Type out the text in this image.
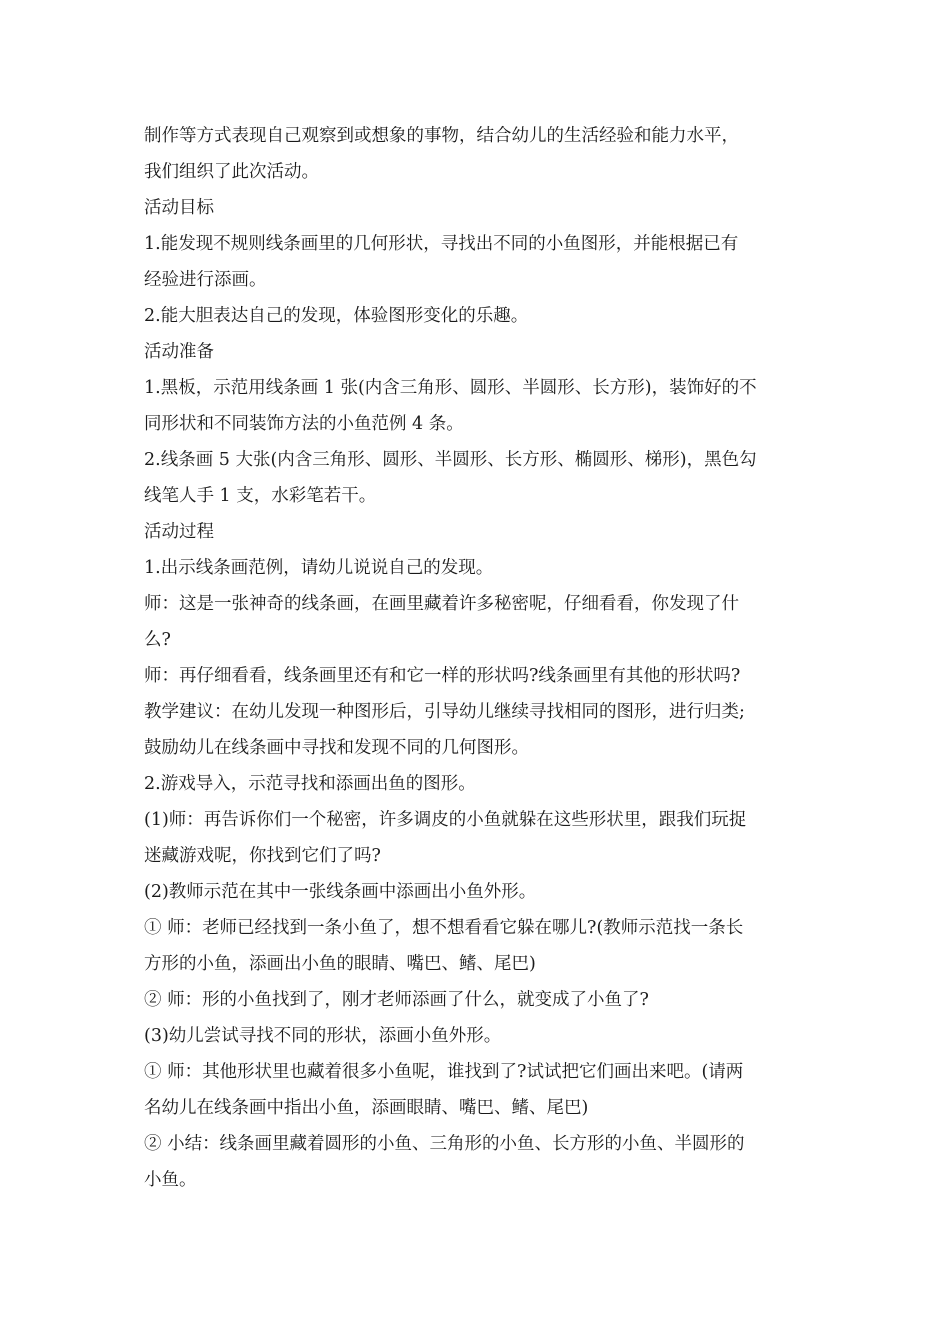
制作等方式表现自己观察到或想象的事物，结合幼儿的生活经验和能力水平，
我们组织了此次活动。
活动目标
1.能发现不规则线条画里的几何形状，寻找出不同的小鱼图形，并能根据已有
经验进行添画。
2.能大胆表达自己的发现，体验图形变化的乐趣。
活动准备
1.黑板，示范用线条画 1 张(内含三角形、圆形、半圆形、长方形)，装饰好的不
同形状和不同装饰方法的小鱼范例 4 条。
2.线条画 5 大张(内含三角形、圆形、半圆形、长方形、椭圆形、梯形)，黑色勾
线笔人手 1 支，水彩笔若干。
活动过程
1.出示线条画范例，请幼儿说说自己的发现。
师：这是一张神奇的线条画，在画里藏着许多秘密呢，仔细看看，你发现了什
么?
师：再仔细看看，线条画里还有和它一样的形状吗?线条画里有其他的形状吗?
教学建议：在幼儿发现一种图形后，引导幼儿继续寻找相同的图形，进行归类;
鼓励幼儿在线条画中寻找和发现不同的几何图形。
2.游戏导入，示范寻找和添画出鱼的图形。
(1)师：再告诉你们一个秘密，许多调皮的小鱼就躲在这些形状里，跟我们玩捉
迷藏游戏呢，你找到它们了吗?
(2)教师示范在其中一张线条画中添画出小鱼外形。
① 师：老师已经找到一条小鱼了，想不想看看它躲在哪儿?(教师示范找一条长
方形的小鱼，添画出小鱼的眼睛、嘴巴、鳍、尾巴)
② 师：形的小鱼找到了，刚才老师添画了什么，就变成了小鱼了?
(3)幼儿尝试寻找不同的形状，添画小鱼外形。
① 师：其他形状里也藏着很多小鱼呢，谁找到了?试试把它们画出来吧。(请两
名幼儿在线条画中指出小鱼，添画眼睛、嘴巴、鳍、尾巴)
② 小结：线条画里藏着圆形的小鱼、三角形的小鱼、长方形的小鱼、半圆形的
小鱼。
